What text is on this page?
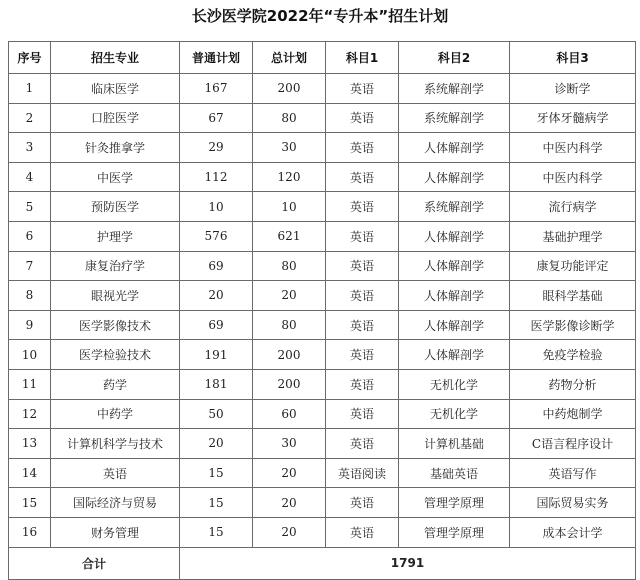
长沙医学院2022年“专升本”招生计划
序号	招生专业	普通计划	总计划	科目1	科目2	科目3
1	临床医学	167	200	英语	系统解剖学	诊断学
2	口腔医学	67	80	英语	系统解剖学	牙体牙髓病学
3	针灸推拿学	29	30	英语	人体解剖学	中医内科学
4	中医学	112	120	英语	人体解剖学	中医内科学
5	预防医学	10	10	英语	系统解剖学	流行病学
6	护理学	576	621	英语	人体解剖学	基础护理学
7	康复治疗学	69	80	英语	人体解剖学	康复功能评定
8	眼视光学	20	20	英语	人体解剖学	眼科学基础
9	医学影像技术	69	80	英语	人体解剖学	医学影像诊断学
10	医学检验技术	191	200	英语	人体解剖学	免疫学检验
11	药学	181	200	英语	无机化学	药物分析
12	中药学	50	60	英语	无机化学	中药炮制学
13	计算机科学与技术	20	30	英语	计算机基础	C语言程序设计
14	英语	15	20	英语阅读	基础英语	英语写作
15	国际经济与贸易	15	20	英语	管理学原理	国际贸易实务
16	财务管理	15	20	英语	管理学原理	成本会计学
合计		1791				
